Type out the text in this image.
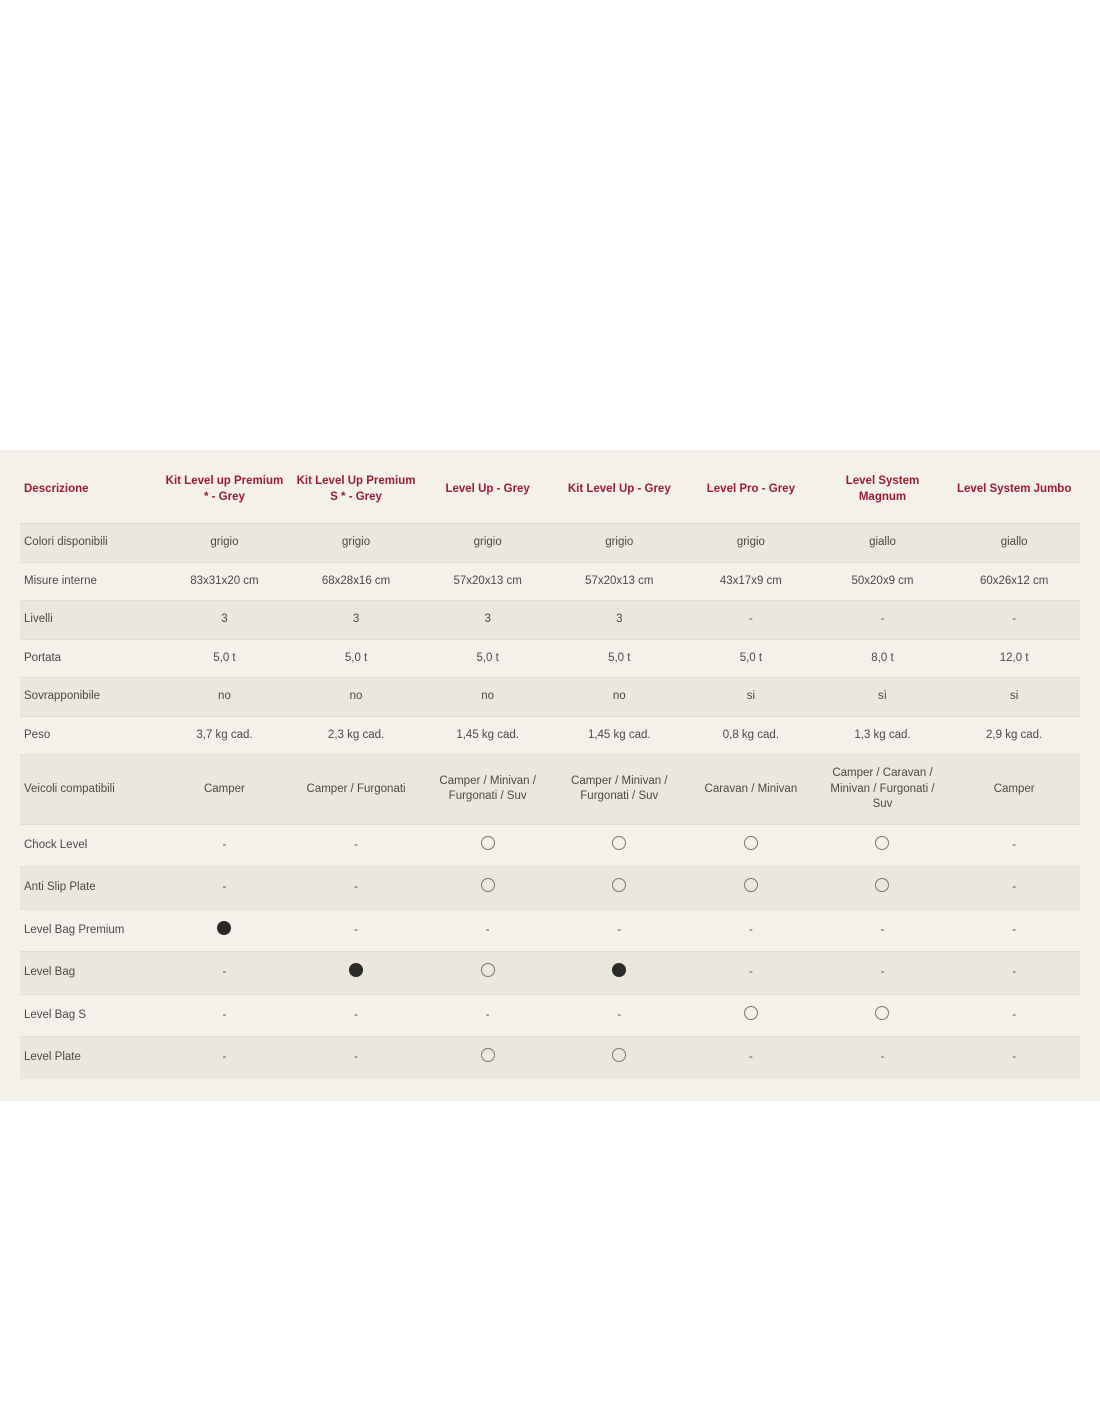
Descrizione	Kit Level up Premium * - Grey	Kit Level Up Premium S * - Grey	Level Up - Grey	Kit Level Up - Grey	Level Pro - Grey	Level System Magnum	Level System Jumbo
Colori disponibili	grigio	grigio	grigio	grigio	grigio	giallo	giallo
Misure interne	83x31x20 cm	68x28x16 cm	57x20x13 cm	57x20x13 cm	43x17x9 cm	50x20x9 cm	60x26x12 cm
Livelli	3	3	3	3	-	-	-
Portata	5,0 t	5,0 t	5,0 t	5,0 t	5,0 t	8,0 t	12,0 t
Sovrapponibile	no	no	no	no	si	sì	si
Peso	3,7 kg cad.	2,3 kg cad.	1,45 kg cad.	1,45 kg cad.	0,8 kg cad.	1,3 kg cad.	2,9 kg cad.
Veicoli compatibili	Camper	Camper / Furgonati	Camper / Minivan / Furgonati / Suv	Camper / Minivan / Furgonati / Suv	Caravan / Minivan	Camper / Caravan / Minivan / Furgonati / Suv	Camper
Chock Level	-	-					-
Anti Slip Plate	-	-					-
Level Bag Premium		-	-	-	-	-	-
Level Bag	-				-	-	-
Level Bag S	-	-	-	-			-
Level Plate	-	-			-	-	-
